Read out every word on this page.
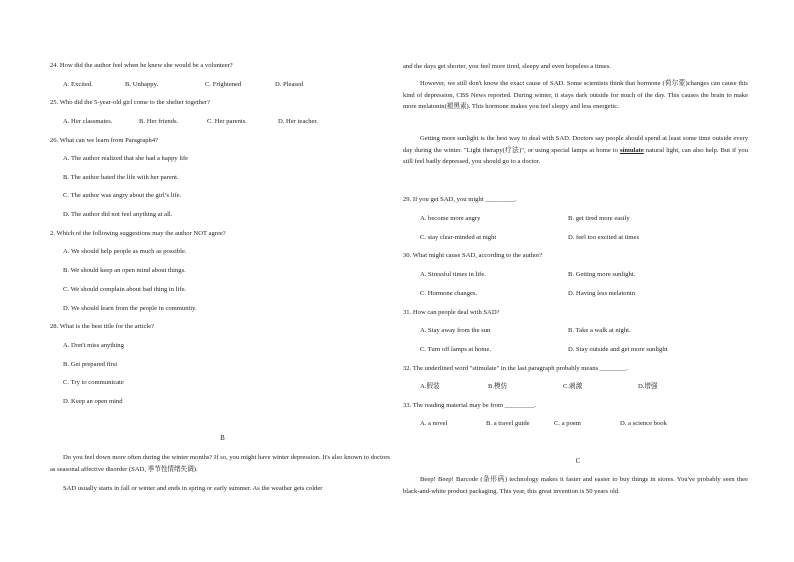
24. How did the author feel when he knew she would be a volunteer?
A. Excited.	B. Unhappy.	C. Frightened	D. Pleased
25. Who did the 5-year-old girl come to the shelter together?
A. Her classmates.	B. Her friends.	C. Her parents.	D. Her teacher.
26. What can we learn from Paragraph4?
A. The author realized that she had a happy life
B. The author hated the life with her parent.
C. The author was angry about the girl’s life.
D. The author did not feel anything at all.
2. Which of the following suggestions may the author NOT agree?
A. We should help people as much as possible.
B. We should keep an open mind about things.
C. We should complain about bad thing in life.
D. We should learn from the people in community.
28. What is the best title for the article?
A. Don't miss anything
B. Get prepared first
C. Try to communicate
D. Keep an open mind
B
Do you feel down more often during the winter months? If so, you might have winter depression. It's also known to doctors as seasonal affective disorder (SAD, 季节性情绪失调).
SAD usually starts in fall or winter and ends in spring or early summer. As the weather gets colder
and the days get shorter, you feel more tired, sleepy and even hopeless a times.
However, we still don't know the exact cause of SAD. Some scientists think that hormone (荷尔蒙)changes can cause this kind of depression, CBS News reported. During winter, it stays dark outside for much of the day. This causes the brain to make more melatonin(褪黑素). This hormone makes you feel sleepy and less energetic.
Getting more sunlight is the best way to deal with SAD. Doctors say people should spend at least some time outside every day during the winter. "Light therapy(疗法)", or using special lamps at home to simulate natural light, can also help. But if you still feel badly depressed, you should go to a doctor.
29. If you get SAD, you might _________.
A. become more angry	B. get tired more easily
C. stay clear-minded at night	D. feel too excited at times
30. What might cause SAD, according to the author?
A. Stressful times in life.	B. Getting more sunlight.
C. Hormone changes.	D. Having less melatonin
31. How can people deal with SAD?
A. Stay away from the sun	B. Take a walk at night.
C. Turn off lamps at home.	D. Stay outside and get more sunlight
32. The underlined word "stimulate" in the last paragraph probably means ________.
A.假装	B.模仿	C.刺激	D.增强
33. The reading material may be from _________.
A. a novel	B. a travel guide	C. a poem	D. a science book
C
Beep! Beep! Barcode (条形码) technology makes it faster and easier to buy things in stores. You've probably seen thee black-and-white product packaging. This year, this great invention is 50 years old.
